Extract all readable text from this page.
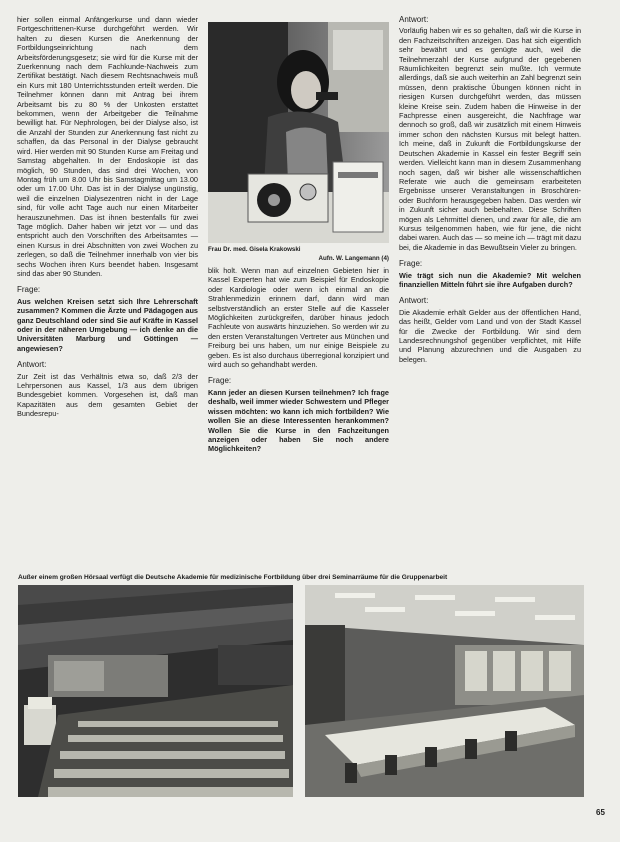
hier sollen einmal Anfängerkurse und dann wieder Fortgeschrittenen-Kurse durchgeführt werden. Wir halten zu diesen Kursen die Anerkennung der Fortbildungseinrichtung nach dem Arbeitsförderungsgesetz; sie wird für die Kurse mit der Zuerkennung nach dem Fachkunde-Nachweis zum Zertifikat bestätigt. Nach diesem Rechtsnachweis muß ein Kurs mit 180 Unterrichtsstunden erteilt werden. Die Teilnehmer können dann mit Antrag bei ihrem Arbeitsamt bis zu 80 % der Unkosten erstattet bekommen, wenn der Arbeitgeber die Teilnahme bewilligt hat. Für Nephrologen, bei der Dialyse also, ist die Anzahl der Stunden zur Anerkennung fast nicht zu schaffen, da das Personal in der Dialyse gebraucht wird. Hier werden mit 90 Stunden Kurse am Freitag und Samstag abgehalten. In der Endoskopie ist das möglich, 90 Stunden, das sind drei Wochen, von Montag früh um 8.00 Uhr bis Samstagmittag um 13.00 oder um 17.00 Uhr. Das ist in der Dialyse ungünstig, weil die einzelnen Dialysezentren nicht in der Lage sind, für volle acht Tage auch nur einen Mitarbeiter herauszunehmen. Das ist ihnen bestenfalls für zwei Tage möglich. Daher haben wir jetzt vor — und das entspricht auch den Vorschriften des Arbeitsamtes — einen Kursus in drei Abschnitten von zwei Wochen zu zerlegen, so daß die Teilnehmer innerhalb von vier bis sechs Wochen ihren Kurs beendet haben. Insgesamt sind das aber 90 Stunden.

Frage:

Aus welchen Kreisen setzt sich Ihre Lehrerschaft zusammen? Kommen die Ärzte und Pädagogen aus ganz Deutschland oder sind Sie auf Kräfte in Kassel oder in der näheren Umgebung — ich denke an die Universitäten Marburg und Göttingen — angewiesen?

Antwort:

Zur Zeit ist das Verhältnis etwa so, daß 2/3 der Lehrpersonen aus Kassel, 1/3 aus dem übrigen Bundesgebiet kommen. Vorgesehen ist, daß man Kapazitäten aus dem gesamten Gebiet der Bundesrepu-

Frau Dr. med. Gisela Krakowski
Aufn. W. Langemann (4)

blik holt. Wenn man auf einzelnen Gebieten hier in Kassel Experten hat wie zum Beispiel für Endoskopie oder Kardiologie oder wenn ich einmal an die Strahlenmedizin erinnern darf, dann wird man selbstverständlich an erster Stelle auf die Kasseler Möglichkeiten zurückgreifen, darüber hinaus jedoch Fachleute von auswärts hinzuziehen. So werden wir zu den ersten Veranstaltungen Vertreter aus München und Freiburg bei uns haben, um nur einige Beispiele zu geben. Es ist also durchaus überregional konzipiert und wird auch so gehandhabt werden.

Frage:

Kann jeder an diesen Kursen teilnehmen? Ich frage deshalb, weil immer wieder Schwestern und Pfleger wissen möchten: wo kann ich mich fortbilden? Wie wollen Sie an diese Interessenten herankommen? Wollen Sie die Kurse in den Fachzeitungen anzeigen oder haben Sie noch andere Möglichkeiten?

Antwort:

Vorläufig haben wir es so gehalten, daß wir die Kurse in den Fachzeitschriften anzeigen. Das hat sich eigentlich sehr bewährt und es genügte auch, weil die Teilnehmerzahl der Kurse aufgrund der gegebenen Räumlichkeiten begrenzt sein mußte. Ich vermute allerdings, daß sie auch weiterhin an Zahl begrenzt sein müssen, denn praktische Übungen können nicht in riesigen Kursen durchgeführt werden, das müssen kleine Kreise sein. Zudem haben die Hinweise in der Fachpresse einen ausgereicht, die Nachfrage war dennoch so groß, daß wir zusätzlich mit einem Hinweis immer schon den nächsten Kursus mit belegt hatten. Ich meine, daß in Zukunft die Fortbildungskurse der Deutschen Akademie in Kassel ein fester Begriff sein werden. Vielleicht kann man in diesem Zusammenhang noch sagen, daß wir bisher alle wissenschaftlichen Referate wie auch die gemeinsam erarbeiteten Ergebnisse unserer Veranstaltungen in Broschüren- oder Buchform herausgegeben haben. Das werden wir in Zukunft sicher auch beibehalten. Diese Schriften mögen als Lehrmittel dienen, und zwar für alle, die am Kursus teilgenommen haben, wie für jene, die nicht dabei waren. Auch das — so meine ich — trägt mit dazu bei, die Akademie in das Bewußtsein Vieler zu bringen.

Frage:

Wie trägt sich nun die Akademie? Mit welchen finanziellen Mitteln führt sie ihre Aufgaben durch?

Antwort:

Die Akademie erhält Gelder aus der öffentlichen Hand, das heißt, Gelder vom Land und von der Stadt Kassel für die Zwecke der Fortbildung. Wir sind dem Landesrechnungshof gegenüber verpflichtet, mit Hilfe und Planung abzurechnen und die Ausgaben zu belegen.

Außer einem großen Hörsaal verfügt die Deutsche Akademie für medizinische Fortbildung über drei Seminarräume für die Gruppenarbeit
65
